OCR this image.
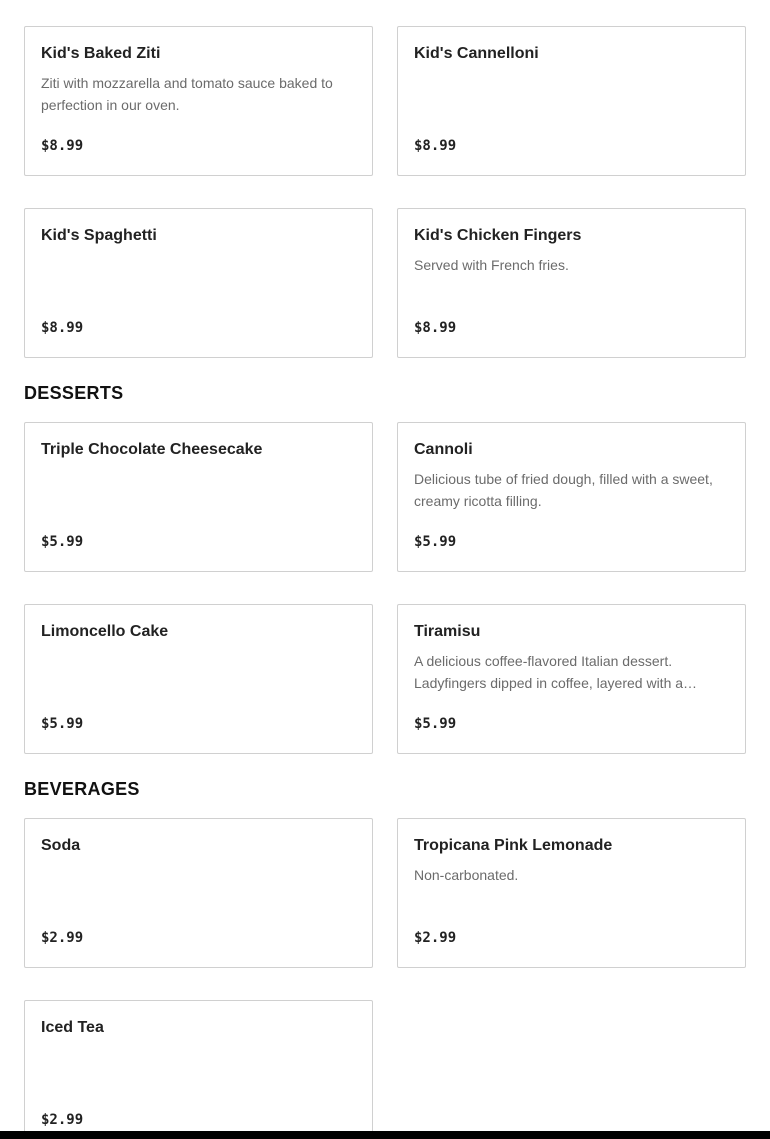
Kid's Baked Ziti
Ziti with mozzarella and tomato sauce baked to perfection in our oven.
$8.99
Kid's Cannelloni
$8.99
Kid's Spaghetti
$8.99
Kid's Chicken Fingers
Served with French fries.
$8.99
DESSERTS
Triple Chocolate Cheesecake
$5.99
Cannoli
Delicious tube of fried dough, filled with a sweet, creamy ricotta filling.
$5.99
Limoncello Cake
$5.99
Tiramisu
A delicious coffee-flavored Italian dessert. Ladyfingers dipped in coffee, layered with a…
$5.99
BEVERAGES
Soda
$2.99
Tropicana Pink Lemonade
Non-carbonated.
$2.99
Iced Tea
$2.99
